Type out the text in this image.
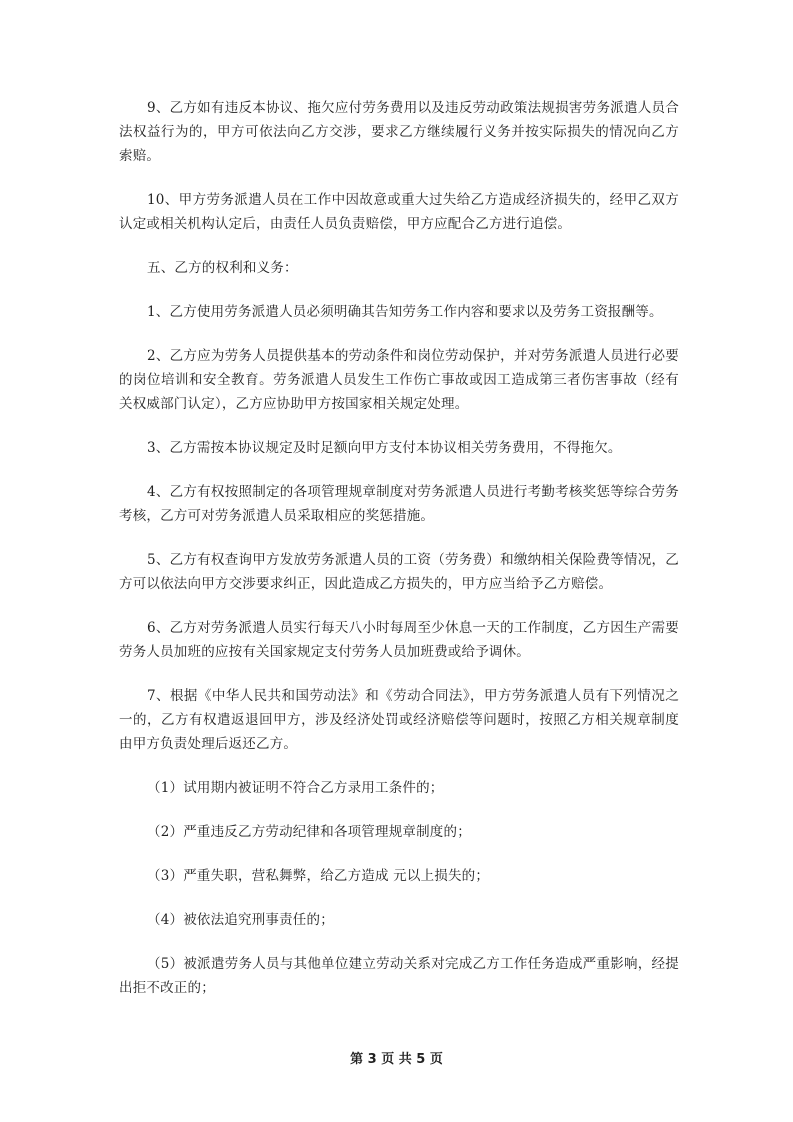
9、乙方如有违反本协议、拖欠应付劳务费用以及违反劳动政策法规损害劳务派遣人员合法权益行为的，甲方可依法向乙方交涉，要求乙方继续履行义务并按实际损失的情况向乙方索赔。

10、甲方劳务派遣人员在工作中因故意或重大过失给乙方造成经济损失的，经甲乙双方认定或相关机构认定后，由责任人员负责赔偿，甲方应配合乙方进行追偿。

五、乙方的权利和义务：

1、乙方使用劳务派遣人员必须明确其告知劳务工作内容和要求以及劳务工资报酬等。

2、乙方应为劳务人员提供基本的劳动条件和岗位劳动保护，并对劳务派遣人员进行必要的岗位培训和安全教育。劳务派遣人员发生工作伤亡事故或因工造成第三者伤害事故（经有关权威部门认定），乙方应协助甲方按国家相关规定处理。

3、乙方需按本协议规定及时足额向甲方支付本协议相关劳务费用，不得拖欠。

4、乙方有权按照制定的各项管理规章制度对劳务派遣人员进行考勤考核奖惩等综合劳务考核，乙方可对劳务派遣人员采取相应的奖惩措施。

5、乙方有权查询甲方发放劳务派遣人员的工资（劳务费）和缴纳相关保险费等情况，乙方可以依法向甲方交涉要求纠正，因此造成乙方损失的，甲方应当给予乙方赔偿。

6、乙方对劳务派遣人员实行每天八小时每周至少休息一天的工作制度，乙方因生产需要劳务人员加班的应按有关国家规定支付劳务人员加班费或给予调休。

7、根据《中华人民共和国劳动法》和《劳动合同法》，甲方劳务派遣人员有下列情况之一的，乙方有权遣返退回甲方，涉及经济处罚或经济赔偿等问题时，按照乙方相关规章制度由甲方负责处理后返还乙方。

（1）试用期内被证明不符合乙方录用工条件的；

（2）严重违反乙方劳动纪律和各项管理规章制度的；

（3）严重失职，营私舞弊，给乙方造成 元以上损失的；

（4）被依法追究刑事责任的；

（5）被派遣劳务人员与其他单位建立劳动关系对完成乙方工作任务造成严重影响，经提出拒不改正的；

第 3 页 共 5 页
